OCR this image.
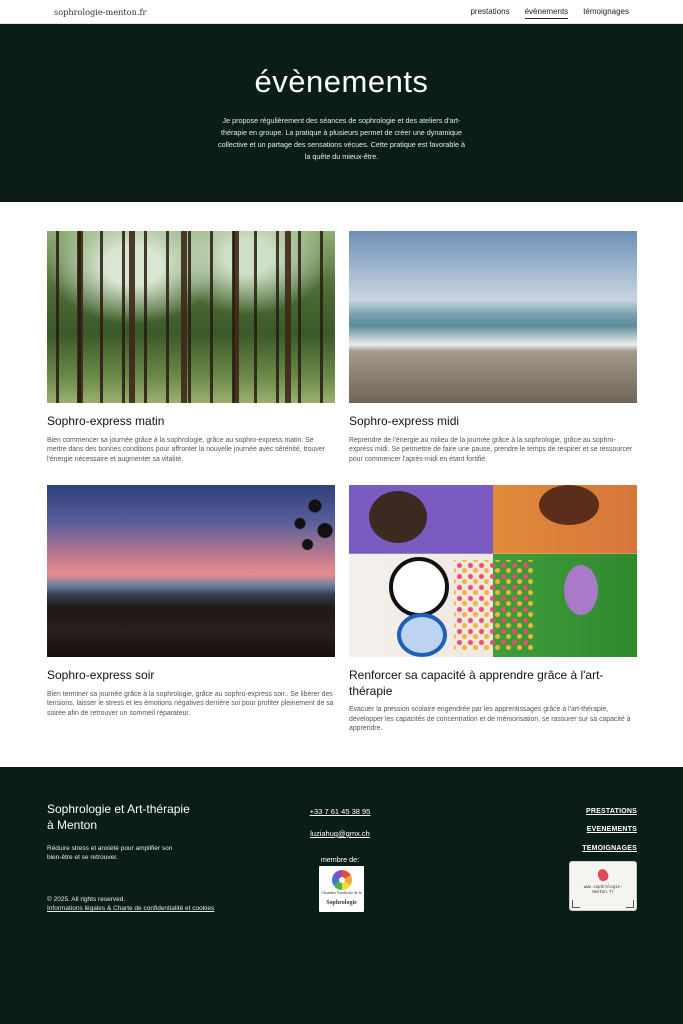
sophrologie-menton.fr	prestations évènements témoignages
évènements

Je propose régulièrement des séances de sophrologie et des ateliers d'art-thérapie en groupe. La pratique à plusieurs permet de créer une dynamique collective et un partage des sensations vécues. Cette pratique est favorable à la quête du mieux-être.

Sophro-express matin

Bien commencer sa journée grâce à la sophrologie, grâce au sophro-express matin. Se mettre dans des bonnes conditions pour affronter la nouvelle journée avec sérénité, trouver l'énergie nécessaire et augmenter sa vitalité.

Sophro-express midi

Reprendre de l'énergie au milieu de la journée grâce à la sophrologie, grâce au sophro-express midi. Se permettre de faire une pause, prendre le temps de respirer et se ressourcer pour commencer l'après-midi en étant fortifié.

Sophro-express soir

Bien terminer sa journée grâce à la sophrologie, grâce au sophro-express soir.. Se libérer des tensions, laisser le stress et les émotions négatives derrière soi pour profiter pleinement de sa soirée afin de retrouver un sommeil réparateur.

Renforcer sa capacité à apprendre grâce à l'art-thérapie

Evacuer la pression scolaire engendrée par les apprentissages grâce à l'art-thérapie, développer les capacités de concentration et de mémorisation, se rassurer sur sa capacité à apprendre.

Sophrologie et Art-thérapie à Menton
Réduire stress et anxiété pour amplifier son bien-être et se retrouver.
© 2025. All rights reserved.
Informations légales & Charte de confidentialité et cookies
+33 7 61 45 38 95
luziahug@gmx.ch
membre de:
Chambre Syndicale de la
Sophrologie
PRESTATIONS
EVENEMENTS
TEMOIGNAGES
www.sophrologie-menton.fr
